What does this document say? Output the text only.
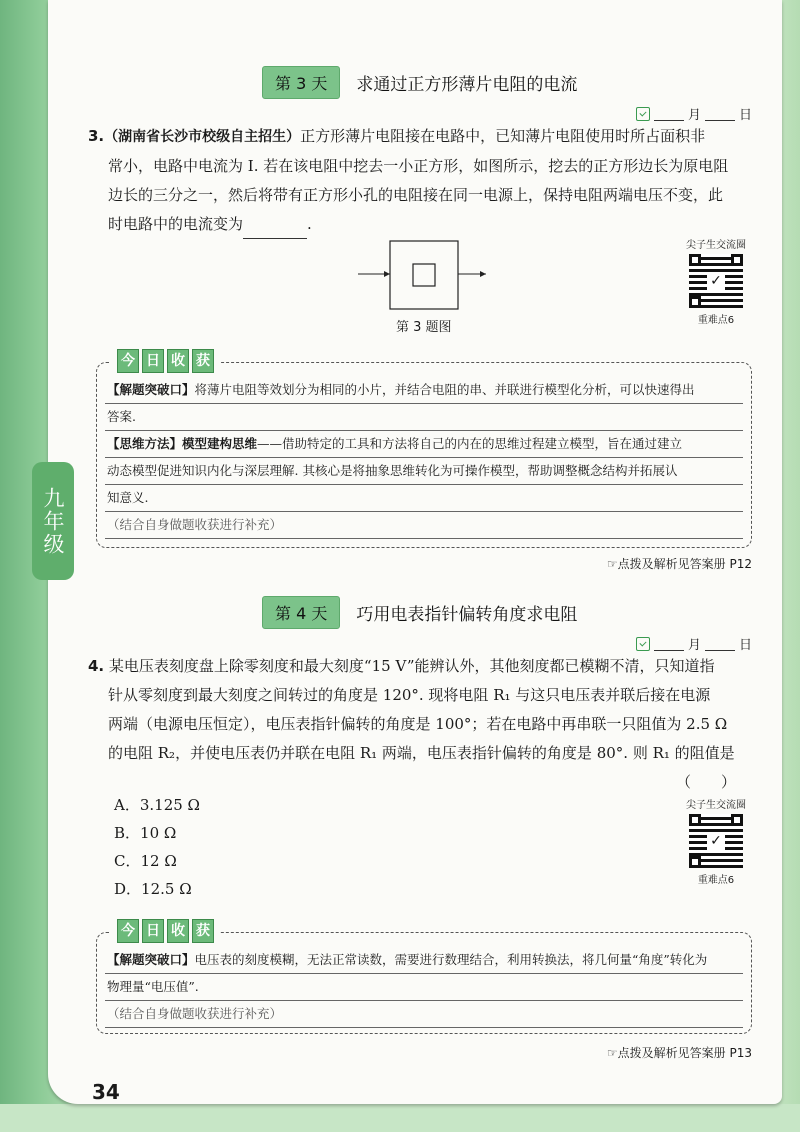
九年级
第 3 天	求通过正方形薄片电阻的电流
月	日
3.（湖南省长沙市校级自主招生）正方形薄片电阻接在电路中，已知薄片电阻使用时所占面积非
常小，电路中电流为 I. 若在该电阻中挖去一小正方形，如图所示，挖去的正方形边长为原电阻
边长的三分之一，然后将带有正方形小孔的电阻接在同一电源上，保持电阻两端电压不变，此
时电路中的电流变为	.
第 3 题图
尖子生交流圈
✓
重难点6
今 日 收 获
【解题突破口】将薄片电阻等效划分为相同的小片，并结合电阻的串、并联进行模型化分析，可以快速得出
答案.
【思维方法】模型建构思维——借助特定的工具和方法将自己的内在的思维过程建立模型，旨在通过建立
动态模型促进知识内化与深层理解. 其核心是将抽象思维转化为可操作模型，帮助调整概念结构并拓展认
知意义.
（结合自身做题收获进行补充）
☞点拨及解析见答案册 P12
第 4 天	巧用电表指针偏转角度求电阻
月	日
4. 某电压表刻度盘上除零刻度和最大刻度“15 V”能辨认外，其他刻度都已模糊不清，只知道指
针从零刻度到最大刻度之间转过的角度是 120°. 现将电阻 R₁ 与这只电压表并联后接在电源
两端（电源电压恒定），电压表指针偏转的角度是 100°；若在电路中再串联一只阻值为 2.5 Ω
的电阻 R₂，并使电压表仍并联在电阻 R₁ 两端，电压表指针偏转的角度是 80°. 则 R₁ 的阻值是
（　　）
A．3.125 Ω
B．10 Ω
C．12 Ω
D．12.5 Ω
尖子生交流圈
✓
重难点6
今 日 收 获
【解题突破口】电压表的刻度模糊，无法正常读数，需要进行数理结合，利用转换法，将几何量“角度”转化为
物理量“电压值”.
（结合自身做题收获进行补充）
☞点拨及解析见答案册 P13
34
